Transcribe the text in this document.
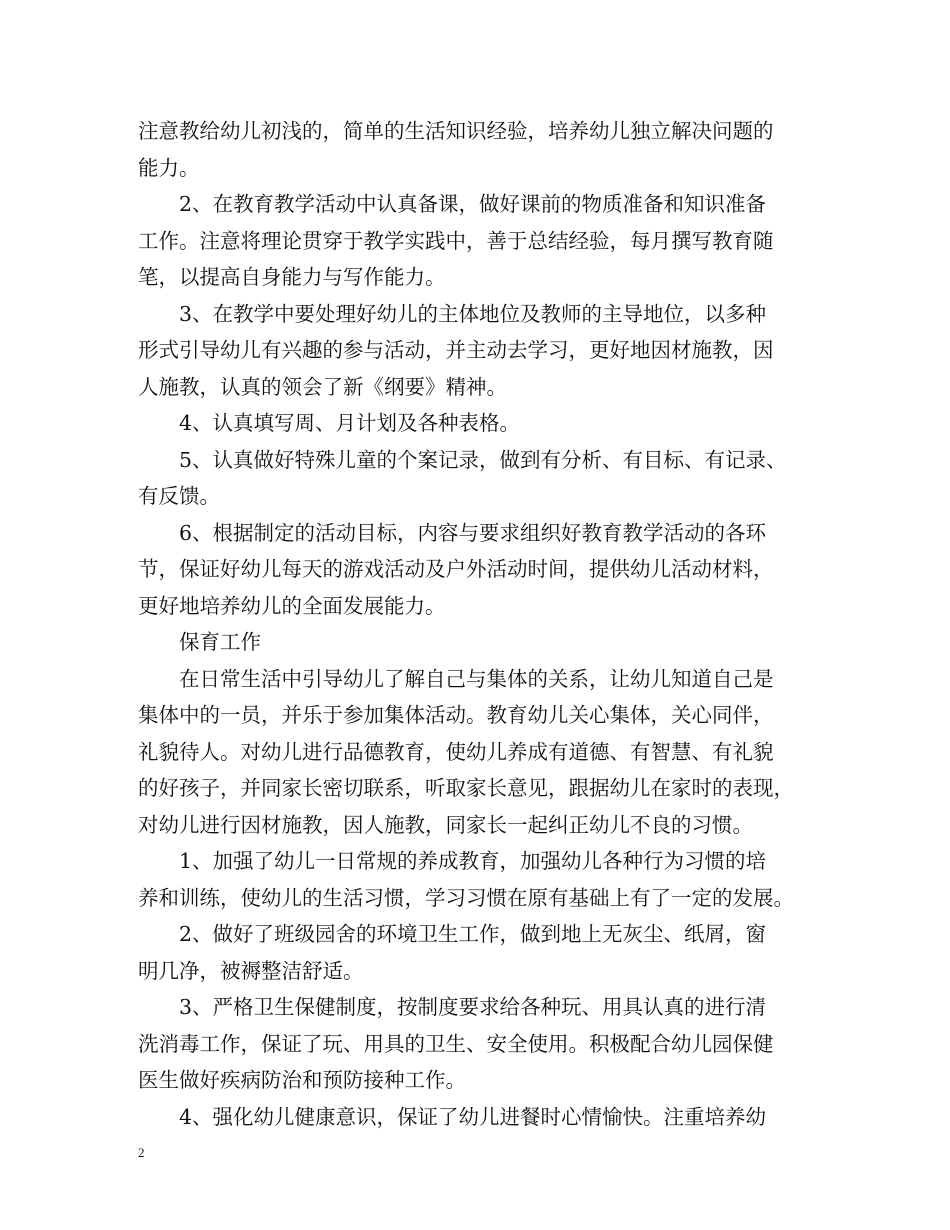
注意教给幼儿初浅的，简单的生活知识经验，培养幼儿独立解决问题的
能力。
2、在教育教学活动中认真备课，做好课前的物质准备和知识准备
工作。注意将理论贯穿于教学实践中，善于总结经验，每月撰写教育随
笔，以提高自身能力与写作能力。
3、在教学中要处理好幼儿的主体地位及教师的主导地位，以多种
形式引导幼儿有兴趣的参与活动，并主动去学习，更好地因材施教，因
人施教，认真的领会了新《纲要》精神。
4、认真填写周、月计划及各种表格。
5、认真做好特殊儿童的个案记录，做到有分析、有目标、有记录、
有反馈。
6、根据制定的活动目标，内容与要求组织好教育教学活动的各环
节，保证好幼儿每天的游戏活动及户外活动时间，提供幼儿活动材料，
更好地培养幼儿的全面发展能力。
保育工作
在日常生活中引导幼儿了解自己与集体的关系，让幼儿知道自己是
集体中的一员，并乐于参加集体活动。教育幼儿关心集体，关心同伴，
礼貌待人。对幼儿进行品德教育，使幼儿养成有道德、有智慧、有礼貌
的好孩子，并同家长密切联系，听取家长意见，跟据幼儿在家时的表现，
对幼儿进行因材施教，因人施教，同家长一起纠正幼儿不良的习惯。
1、加强了幼儿一日常规的养成教育，加强幼儿各种行为习惯的培
养和训练，使幼儿的生活习惯，学习习惯在原有基础上有了一定的发展。
2、做好了班级园舍的环境卫生工作，做到地上无灰尘、纸屑，窗
明几净，被褥整洁舒适。
3、严格卫生保健制度，按制度要求给各种玩、用具认真的进行清
洗消毒工作，保证了玩、用具的卫生、安全使用。积极配合幼儿园保健
医生做好疾病防治和预防接种工作。
4、强化幼儿健康意识，保证了幼儿进餐时心情愉快。注重培养幼
2
